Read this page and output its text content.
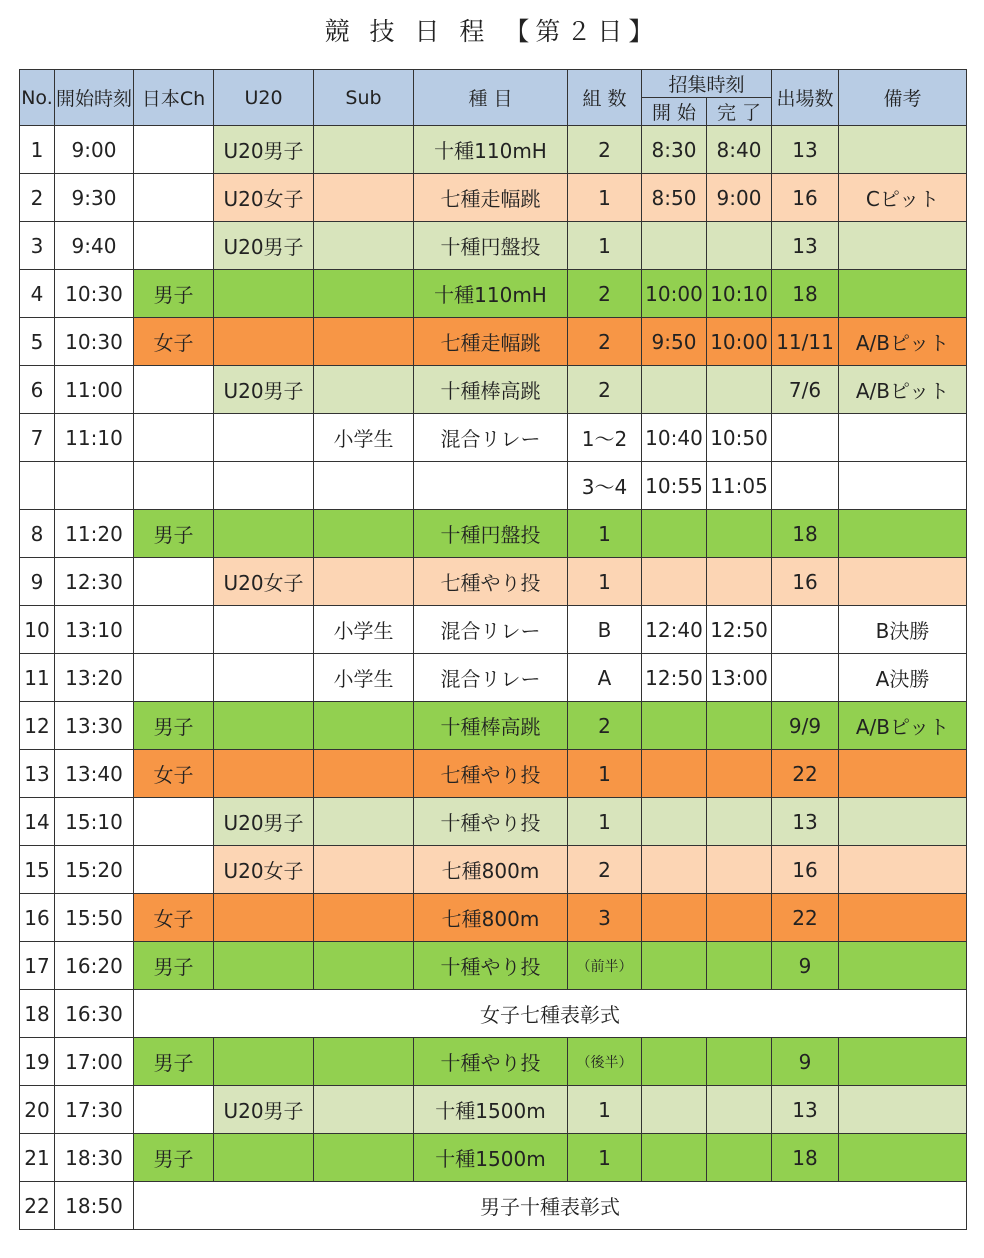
競 技 日 程 【第２日】
No.	開始時刻	日本Ch	U20	Sub	種 目	組 数	招集時刻		出場数	備考
							開 始	完 了		
1	9:00		U20男子		十種110mH	2	8:30	8:40	13	
2	9:30		U20女子		七種走幅跳	1	8:50	9:00	16	Cピット
3	9:40		U20男子		十種円盤投	1			13	
4	10:30	男子			十種110mH	2	10:00	10:10	18	
5	10:30	女子			七種走幅跳	2	9:50	10:00	11/11	A/Bピット
6	11:00		U20男子		十種棒高跳	2			7/6	A/Bピット
7	11:10			小学生	混合リレー	1～2	10:40	10:50		
						3～4	10:55	11:05		
8	11:20	男子			十種円盤投	1			18	
9	12:30		U20女子		七種やり投	1			16	
10	13:10			小学生	混合リレー	B	12:40	12:50		B決勝
11	13:20			小学生	混合リレー	A	12:50	13:00		A決勝
12	13:30	男子			十種棒高跳	2			9/9	A/Bピット
13	13:40	女子			七種やり投	1			22	
14	15:10		U20男子		十種やり投	1			13	
15	15:20		U20女子		七種800m	2			16	
16	15:50	女子			七種800m	3			22	
17	16:20	男子			十種やり投	（前半）			9	
18	16:30	女子七種表彰式								
19	17:00	男子			十種やり投	（後半）			9	
20	17:30		U20男子		十種1500m	1			13	
21	18:30	男子			十種1500m	1			18	
22	18:50	男子十種表彰式								
